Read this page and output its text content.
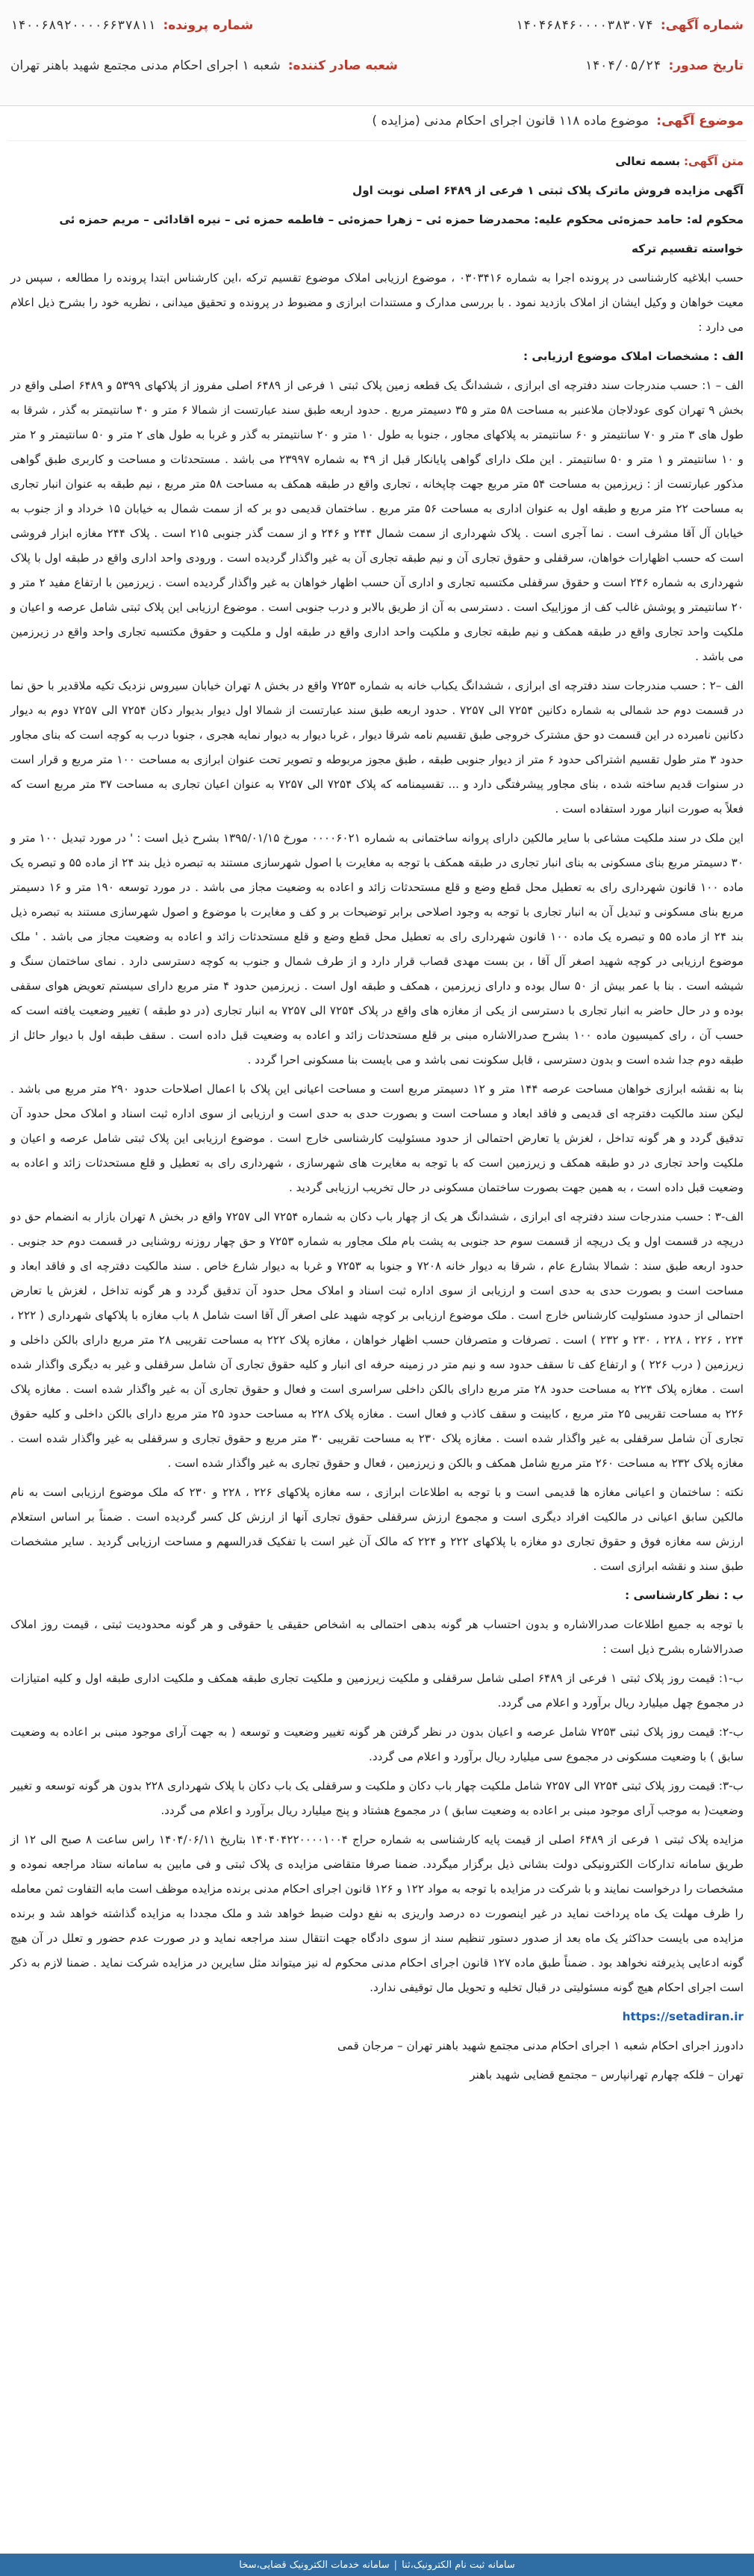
شماره آگهی:
۱۴۰۴۶۸۴۶۰۰۰۰۳۸۳۰۷۴
شماره پرونده:
۱۴۰۰۶۸۹۲۰۰۰۰۶۶۳۷۸۱۱
تاریخ صدور:
۱۴۰۴/۰۵/۲۴
شعبه صادر کننده:
شعبه ۱ اجرای احکام مدنی مجتمع شهید باهنر تهران
موضوع آگهی:
موضوع ماده ۱۱۸ قانون اجرای احکام مدنی (مزایده )

متن آگهی: بسمه تعالی

آگهی مزایده فروش ماترک پلاک ثبتی ۱ فرعی از ۶۴۸۹ اصلی نوبت اول

محکوم له: حامد حمزه‌ئی محکوم علیه: محمدرضا حمزه ئی – زهرا حمزه‌ئی – فاطمه حمزه ئی – نیره اقادائی – مریم حمزه ئی

خواسته تقسیم ترکه

حسب ابلاغیه کارشناسی در پرونده اجرا به شماره ۰۳۰۳۴۱۶ ، موضوع ارزیابی املاک موضوع تقسیم ترکه ،این کارشناس ابتدا پرونده را مطالعه ، سپس در معیت خواهان و وکیل ایشان از املاک بازدید نمود . با بررسی مدارک و مستندات ابرازی و مضبوط در پرونده و تحقیق میدانی ، نظریه خود را بشرح ذیل اعلام می دارد :

الف : مشخصات املاک موضوع ارزیابی :

الف – ۱: حسب مندرجات سند دفترچه ای ابرازی ، ششدانگ یک قطعه زمین پلاک ثبتی ۱ فرعی از ۶۴۸۹ اصلی مفروز از پلاکهای ۵۳۹۹ و ۶۴۸۹ اصلی واقع در بخش ۹ تهران کوی عودلاجان ملاعنبر به مساحت ۵۸ متر و ۳۵ دسیمتر مربع . حدود اربعه طبق سند عبارتست از شمالا ۶ متر و ۴۰ سانتیمتر به گذر ، شرقا به طول های ۳ متر و ۷۰ سانتیمتر و ۶۰ سانتیمتر به پلاکهای مجاور ، جنوبا به طول ۱۰ متر و ۲۰ سانتیمتر به گذر و غربا به طول های ۲ متر و ۵۰ سانتیمتر و ۲ متر و ۱۰ سانتیمتر و ۱ متر و ۵۰ سانتیمتر . این ملک دارای گواهی پایانکار قبل از ۴۹ به شماره ۲۳۹۹۷ می باشد . مستحدثات و مساحت و کاربری طبق گواهی مذکور عبارتست از : زیرزمین به مساحت ۵۴ متر مربع جهت چاپخانه ، تجاری واقع در طبقه همکف به مساحت ۵۸ متر مربع ، نیم طبقه به عنوان انبار تجاری به مساحت ۲۲ متر مربع و طبقه اول به عنوان اداری به مساحت ۵۶ متر مربع . ساختمان قدیمی دو بر که از سمت شمال به خیابان ۱۵ خرداد و از جنوب به خیابان آل آقا مشرف است . نما آجری است . پلاک شهرداری از سمت شمال ۲۴۴ و ۲۴۶ و از سمت گذر جنوبی ۲۱۵ است . پلاک ۲۴۴ مغازه ابزار فروشی است که حسب اظهارات خواهان، سرقفلی و حقوق تجاری آن و نیم طبقه تجاری آن به غیر واگذار گردیده است . ورودی واحد اداری واقع در طبقه اول با پلاک شهرداری به شماره ۲۴۶ است و حقوق سرقفلی مکتسبه تجاری و اداری آن حسب اظهار خواهان به غیر واگذار گردیده است . زیرزمین با ارتفاع مفید ۲ متر و ۲۰ سانتیمتر و پوشش غالب کف از موزاییک است . دسترسی به آن از طریق بالابر و درب جنوبی است . موضوع ارزیابی این پلاک ثبتی شامل عرصه و اعیان و ملکیت واحد تجاری واقع در طبقه همکف و نیم طبقه تجاری و ملکیت واحد اداری واقع در طبقه اول و ملکیت و حقوق مکتسبه تجاری واحد واقع در زیرزمین می باشد .

الف –۲ : حسب مندرجات سند دفترچه ای ابرازی ، ششدانگ یکباب خانه به شماره ۷۲۵۳ واقع در بخش ۸ تهران خیابان سیروس نزدیک تکیه ملاقدیر با حق نما در قسمت دوم حد شمالی به شماره دکانین ۷۲۵۴ الی ۷۲۵۷ . حدود اربعه طبق سند عبارتست از شمالا اول دیوار بدیوار دکان ۷۲۵۴ الی ۷۲۵۷ دوم به دیوار دکانین نامبرده در این قسمت دو حق مشترک خروجی طبق تقسیم نامه شرقا دیوار ، غربا دیوار به دیوار نمایه هجری ، جنوبا درب به کوچه است که بنای مجاور حدود ۳ متر طول تقسیم اشتراکی حدود ۶ متر از دیوار جنوبی طبقه ، طبق مجوز مربوطه و تصویر تحت عنوان ابرازی به مساحت ۱۰۰ متر مربع و قرار است در سنوات قدیم ساخته شده ، بنای مجاور پیشرفتگی دارد و ... تقسیمنامه که پلاک ۷۲۵۴ الی ۷۲۵۷ به عنوان اعیان تجاری به مساحت ۳۷ متر مربع است که فعلاً به صورت انبار مورد استفاده است .

این ملک در سند ملکیت مشاعی با سایر مالکین دارای پروانه ساختمانی به شماره ۰۰۰۰۶۰۲۱ مورخ ۱۳۹۵/۰۱/۱۵ بشرح ذیل است : ' در مورد تبدیل ۱۰۰ متر و ۳۰ دسیمتر مربع بنای مسکونی به بنای انبار تجاری در طبقه همکف با توجه به مغایرت با اصول شهرسازی مستند به تبصره ذیل بند ۲۴ از ماده ۵۵ و تبصره یک ماده ۱۰۰ قانون شهرداری رای به تعطیل محل قطع وضع و قلع مستحدثات زائد و اعاده به وضعیت مجاز می باشد . در مورد توسعه ۱۹۰ متر و ۱۶ دسیمتر مربع بنای مسکونی و تبدیل آن به انبار تجاری با توجه به وجود اصلاحی برابر توضیحات بر و کف و مغایرت با موضوع و اصول شهرسازی مستند به تبصره ذیل بند ۲۴ از ماده ۵۵ و تبصره یک ماده ۱۰۰ قانون شهرداری رای به تعطیل محل قطع وضع و قلع مستحدثات زائد و اعاده به وضعیت مجاز می باشد . ' ملک موضوع ارزیابی در کوچه شهید اصغر آل آقا ، بن بست مهدی قصاب قرار دارد و از طرف شمال و جنوب به کوچه دسترسی دارد . نمای ساختمان سنگ و شیشه است . بنا با عمر بیش از ۵۰ سال بوده و دارای زیرزمین ، همکف و طبقه اول است . زیرزمین حدود ۴ متر مربع دارای سیستم تعویض هوای سقفی بوده و در حال حاضر به انبار تجاری با دسترسی از یکی از مغازه های واقع در پلاک ۷۲۵۴ الی ۷۲۵۷ به انبار تجاری (در دو طبقه ) تغییر وضعیت یافته است که حسب آن ، رای کمیسیون ماده ۱۰۰ بشرح صدرالاشاره مبنی بر قلع مستحدثات زائد و اعاده به وضعیت قبل داده است . سقف طبقه اول با دیوار حائل از طبقه دوم جدا شده است و بدون دسترسی ، قابل سکونت نمی باشد و می بایست بنا مسکونی احرا گردد .

بنا به نقشه ابرازی خواهان مساحت عرصه ۱۴۴ متر و ۱۲ دسیمتر مربع است و مساحت اعیانی این پلاک با اعمال اصلاحات حدود ۲۹۰ متر مربع می باشد . لیکن سند مالکیت دفترچه ای قدیمی و فاقد ابعاد و مساحت است و بصورت حدی به حدی است و ارزیابی از سوی اداره ثبت اسناد و املاک محل حدود آن تدقیق گردد و هر گونه تداخل ، لغزش یا تعارض احتمالی از حدود مسئولیت کارشناسی خارج است . موضوع ارزیابی این پلاک ثبتی شامل عرصه و اعیان و ملکیت واحد تجاری در دو طبقه همکف و زیرزمین است که با توجه به مغایرت های شهرسازی ، شهرداری رای به تعطیل و قلع مستحدثات زائد و اعاده به وضعیت قبل داده است ، به همین جهت بصورت ساختمان مسکونی در حال تخریب ارزیابی گردید .

الف-۳ : حسب مندرجات سند دفترچه ای ابرازی ، ششدانگ هر یک از چهار باب دکان به شماره ۷۲۵۴ الی ۷۲۵۷ واقع در بخش ۸ تهران بازار به انضمام حق دو دریچه در قسمت اول و یک دریچه از قسمت سوم حد جنوبی به پشت بام ملک مجاور به شماره ۷۲۵۳ و حق چهار روزنه روشنایی در قسمت دوم حد جنوبی . حدود اربعه طبق سند : شمالا بشارع عام ، شرقا به دیوار خانه ۷۲۰۸ و جنوبا به ۷۲۵۳ و غربا به دیوار شارع خاص . سند مالکیت دفترچه ای و فاقد ابعاد و مساحت است و بصورت حدی به حدی است و ارزیابی از سوی اداره ثبت اسناد و املاک محل حدود آن تدقیق گردد و هر گونه تداخل ، لغزش یا تعارض احتمالی از حدود مسئولیت کارشناس خارج است . ملک موضوع ارزیابی بر کوچه شهید علی اصغر آل آقا است شامل ۸ باب مغازه با پلاکهای شهرداری ( ۲۲۲ ، ۲۲۴ ، ۲۲۶ ، ۲۲۸ ، ۲۳۰ و ۲۳۲ ) است . تصرفات و متصرفان حسب اظهار خواهان ، مغازه پلاک ۲۲۲ به مساحت تقریبی ۲۸ متر مربع دارای بالکن داخلی و زیرزمین ( درب ۲۲۶ ) و ارتفاع کف تا سقف حدود سه و نیم متر در زمینه حرفه ای انبار و کلیه حقوق تجاری آن شامل سرقفلی و غیر به دیگری واگذار شده است . مغازه پلاک ۲۲۴ به مساحت حدود ۲۸ متر مربع دارای بالکن داخلی سراسری است و فعال و حقوق تجاری آن به غیر واگذار شده است . مغازه پلاک ۲۲۶ به مساحت تقریبی ۲۵ متر مربع ، کابینت و سقف کاذب و فعال است . مغازه پلاک ۲۲۸ به مساحت حدود ۲۵ متر مربع دارای بالکن داخلی و کلیه حقوق تجاری آن شامل سرقفلی به غیر واگذار شده است . مغازه پلاک ۲۳۰ به مساحت تقریبی ۳۰ متر مربع و حقوق تجاری و سرقفلی به غیر واگذار شده است . مغازه پلاک ۲۳۲ به مساحت ۲۶۰ متر مربع شامل همکف و بالکن و زیرزمین ، فعال و حقوق تجاری به غیر واگذار شده است .

نکته : ساختمان و اعیانی مغازه ها قدیمی است و با توجه به اطلاعات ابرازی ، سه مغازه پلاکهای ۲۲۶ ، ۲۲۸ و ۲۳۰ که ملک موضوع ارزیابی است به نام مالکین سابق اعیانی در مالکیت افراد دیگری است و مجموع ارزش سرقفلی حقوق تجاری آنها از ارزش کل کسر گردیده است . ضمناً بر اساس استعلام ارزش سه مغازه فوق و حقوق تجاری دو مغازه با پلاکهای ۲۲۲ و ۲۲۴ که مالک آن غیر است با تفکیک قدرالسهم و مساحت ارزیابی گردید . سایر مشخصات طبق سند و نقشه ابرازی است .

ب : نظر کارشناسی :

با توجه به جمیع اطلاعات صدرالاشاره و بدون احتساب هر گونه بدهی احتمالی به اشخاص حقیقی یا حقوقی و هر گونه محدودیت ثبتی ، قیمت روز املاک صدرالاشاره بشرح ذیل است :

ب-۱: قیمت روز پلاک ثبتی ۱ فرعی از ۶۴۸۹ اصلی شامل سرقفلی و ملکیت زیرزمین و ملکیت تجاری طبقه همکف و ملکیت اداری طبقه اول و کلیه امتیازات در مجموع چهل میلیارد ریال برآورد و اعلام می گردد.

ب-۲: قیمت روز پلاک ثبتی ۷۲۵۳ شامل عرصه و اعیان بدون در نظر گرفتن هر گونه تغییر وضعیت و توسعه ( به جهت آرای موجود مبنی بر اعاده به وضعیت سابق ) با وضعیت مسکونی در مجموع سی میلیارد ریال برآورد و اعلام می گردد.

ب-۳: قیمت روز پلاک ثبتی ۷۲۵۴ الی ۷۲۵۷ شامل ملکیت چهار باب دکان و ملکیت و سرقفلی یک باب دکان با پلاک شهرداری ۲۲۸ بدون هر گونه توسعه و تغییر وضعیت( به موجب آرای موجود مبنی بر اعاده به وضعیت سابق ) در مجموع هشتاد و پنج میلیارد ریال برآورد و اعلام می گردد.

مزایده پلاک ثبتی ۱ فرعی از ۶۴۸۹ اصلی از قیمت پایه کارشناسی به شماره حراج ۱۴۰۴۰۴۲۲۰۰۰۰۱۰۰۴ بتاریخ ۱۴۰۴/۰۶/۱۱ راس ساعت ۸ صبح الی ۱۲ از طریق سامانه تدارکات الکترونیکی دولت بشانی ذیل برگزار میگردد. ضمنا صرفا متقاضی مزایده ی پلاک ثبتی و فی مابین به سامانه ستاد مراجعه نموده و مشخصات را درخواست نمایند و با شرکت در مزایده با توجه به مواد ۱۲۲ و ۱۲۶ قانون اجرای احکام مدنی برنده مزایده موظف است مابه التفاوت ثمن معامله را ظرف مهلت یک ماه پرداخت نماید در غیر اینصورت ده درصد واریزی به نفع دولت ضبط خواهد شد و ملک مجددا به مزایده گذاشته خواهد شد و برنده مزایده می بایست حداکثر یک ماه بعد از صدور دستور تنظیم سند از سوی دادگاه جهت انتقال سند مراجعه نماید و در صورت عدم حضور و تعلل در آن هیچ گونه ادعایی پذیرفته نخواهد بود . ضمناً طبق ماده ۱۲۷ قانون اجرای احکام مدنی محکوم له نیز میتواند مثل سایرین در مزایده شرکت نماید . ضمنا لازم به ذکر است اجرای احکام هیچ گونه مسئولیتی در قبال تخلیه و تحویل مال توقیفی ندارد.

https://setadiran.ir

دادورز اجرای احکام شعبه ۱ اجرای احکام مدنی مجتمع شهید باهنر تهران – مرجان قمی

تهران – فلکه چهارم تهرانپارس – مجتمع قضایی شهید باهنر

سامانه ثبت نام الکترونیک،ثنا
|
سامانه خدمات الکترونیک قضایی،سخا
